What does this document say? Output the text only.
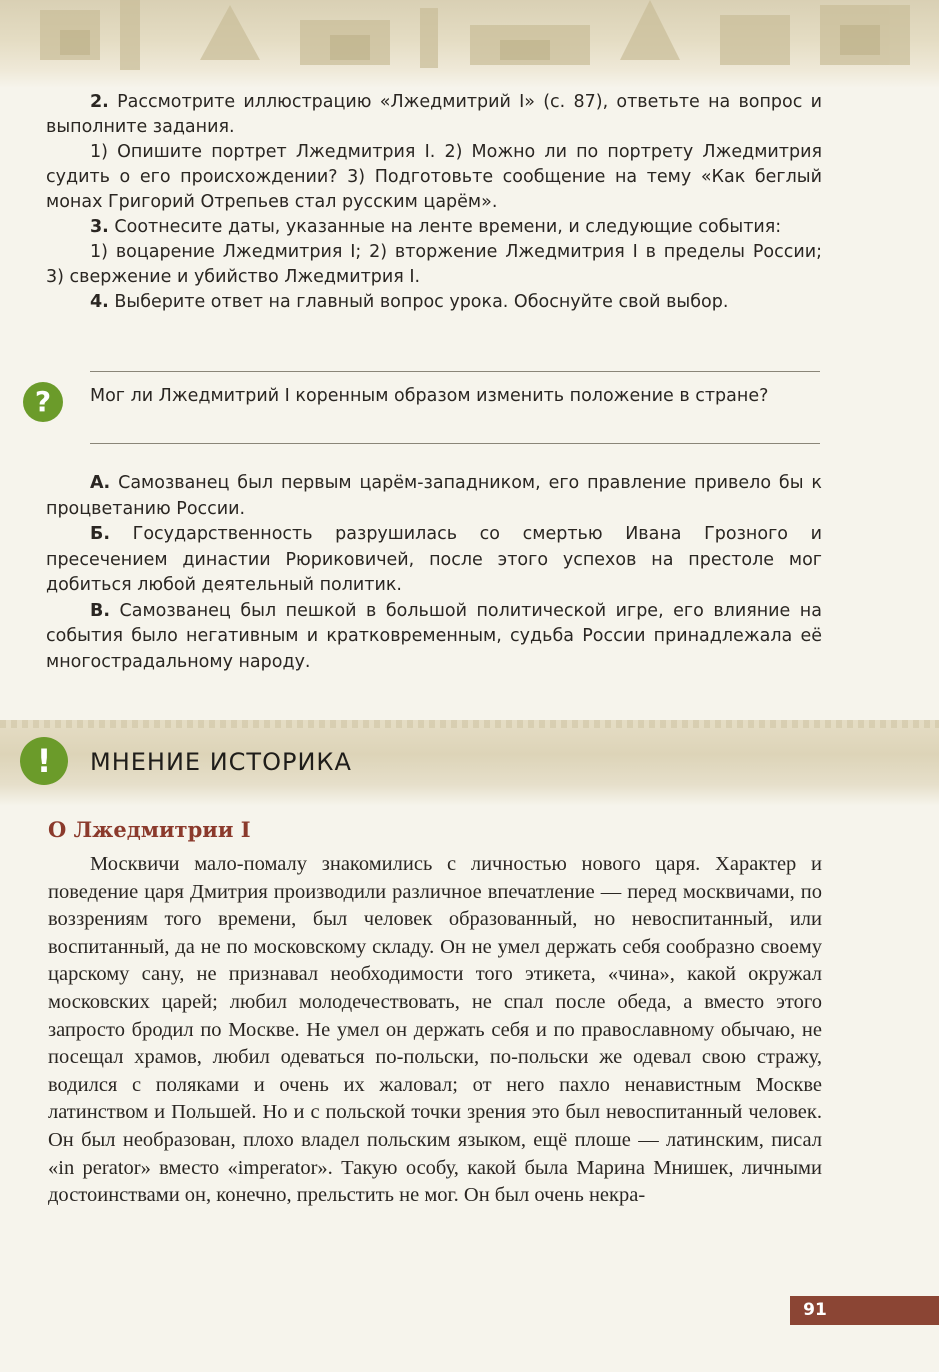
2. Рассмотрите иллюстрацию «Лжедмитрий I» (с. 87), ответьте на вопрос и выполните задания.

1) Опишите портрет Лжедмитрия I. 2) Можно ли по портрету Лжедмитрия судить о его происхождении? 3) Подготовьте сообщение на тему «Как беглый монах Григорий Отрепьев стал русским царём».

3. Соотнесите даты, указанные на ленте времени, и следующие события:

1) воцарение Лжедмитрия I; 2) вторжение Лжедмитрия I в пределы России; 3) свержение и убийство Лжедмитрия I.

4. Выберите ответ на главный вопрос урока. Обоснуйте свой выбор.

?	Мог ли Лжедмитрий I коренным образом изменить положение в стране?

А. Самозванец был первым царём-западником, его правление привело бы к процветанию России.

Б. Государственность разрушилась со смертью Ивана Грозного и пресечением династии Рюриковичей, после этого успехов на престоле мог добиться любой деятельный политик.

В. Самозванец был пешкой в большой политической игре, его влияние на события было негативным и кратковременным, судьба России принадлежала её многострадальному народу.

!	МНЕНИЕ ИСТОРИКА
О Лжедмитрии I

Москвичи мало-помалу знакомились с личностью нового царя. Характер и поведение царя Дмитрия производили различное впечатление — перед москвичами, по воззрениям того времени, был человек образованный, но невоспитанный, или воспитанный, да не по московскому складу. Он не умел держать себя сообразно своему царскому сану, не признавал необходимости того этикета, «чина», какой окружал московских царей; любил молодечествовать, не спал после обеда, а вместо этого запросто бродил по Москве. Не умел он держать себя и по православному обычаю, не посещал храмов, любил одеваться по-польски, по-польски же одевал свою стражу, водился с поляками и очень их жаловал; от него пахло ненавистным Москве латинством и Польшей. Но и с польской точки зрения это был невоспитанный человек. Он был необразован, плохо владел польским языком, ещё плоше — латинским, писал «in perator» вместо «imperator». Такую особу, какой была Марина Мнишек, личными достоинствами он, конечно, прельстить не мог. Он был очень некра-

91
